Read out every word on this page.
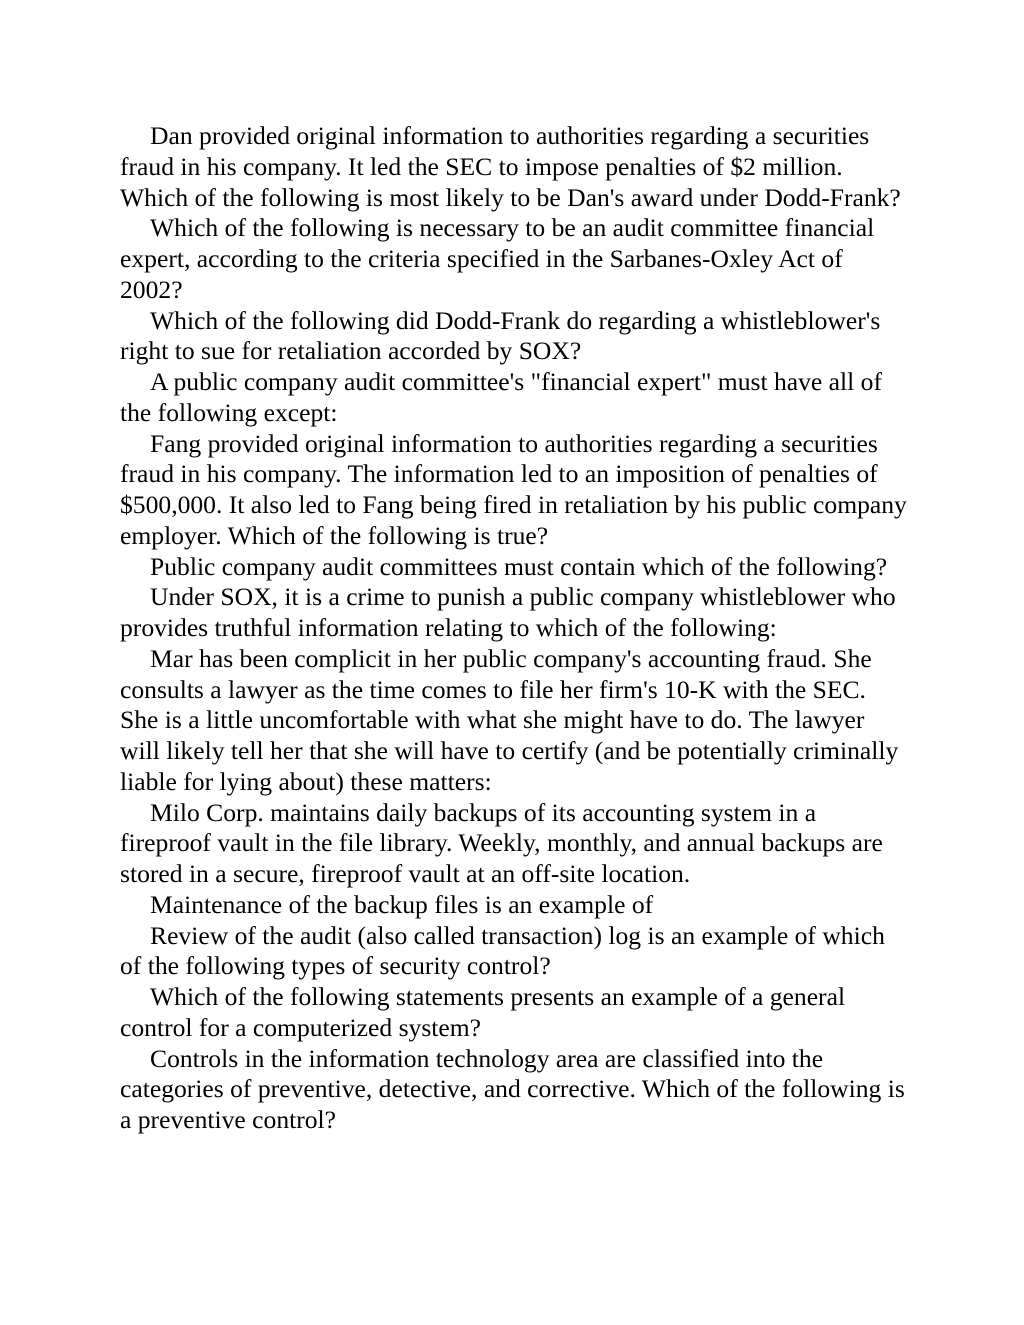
Dan provided original information to authorities regarding a securities fraud in his company. It led the SEC to impose penalties of $2 million. Which of the following is most likely to be Dan's award under Dodd-Frank?

Which of the following is necessary to be an audit committee financial expert, according to the criteria specified in the Sarbanes-Oxley Act of 2002?

Which of the following did Dodd-Frank do regarding a whistleblower's right to sue for retaliation accorded by SOX?

A public company audit committee's "financial expert" must have all of the following except:

Fang provided original information to authorities regarding a securities fraud in his company. The information led to an imposition of penalties of $500,000. It also led to Fang being fired in retaliation by his public company employer. Which of the following is true?

Public company audit committees must contain which of the following?

Under SOX, it is a crime to punish a public company whistleblower who provides truthful information relating to which of the following:

Mar has been complicit in her public company's accounting fraud. She consults a lawyer as the time comes to file her firm's 10-K with the SEC. She is a little uncomfortable with what she might have to do. The lawyer will likely tell her that she will have to certify (and be potentially criminally liable for lying about) these matters:

Milo Corp. maintains daily backups of its accounting system in a fireproof vault in the file library. Weekly, monthly, and annual backups are stored in a secure, fireproof vault at an off-site location.

Maintenance of the backup files is an example of

Review of the audit (also called transaction) log is an example of which of the following types of security control?

Which of the following statements presents an example of a general control for a computerized system?

Controls in the information technology area are classified into the categories of preventive, detective, and corrective. Which of the following is a preventive control?
